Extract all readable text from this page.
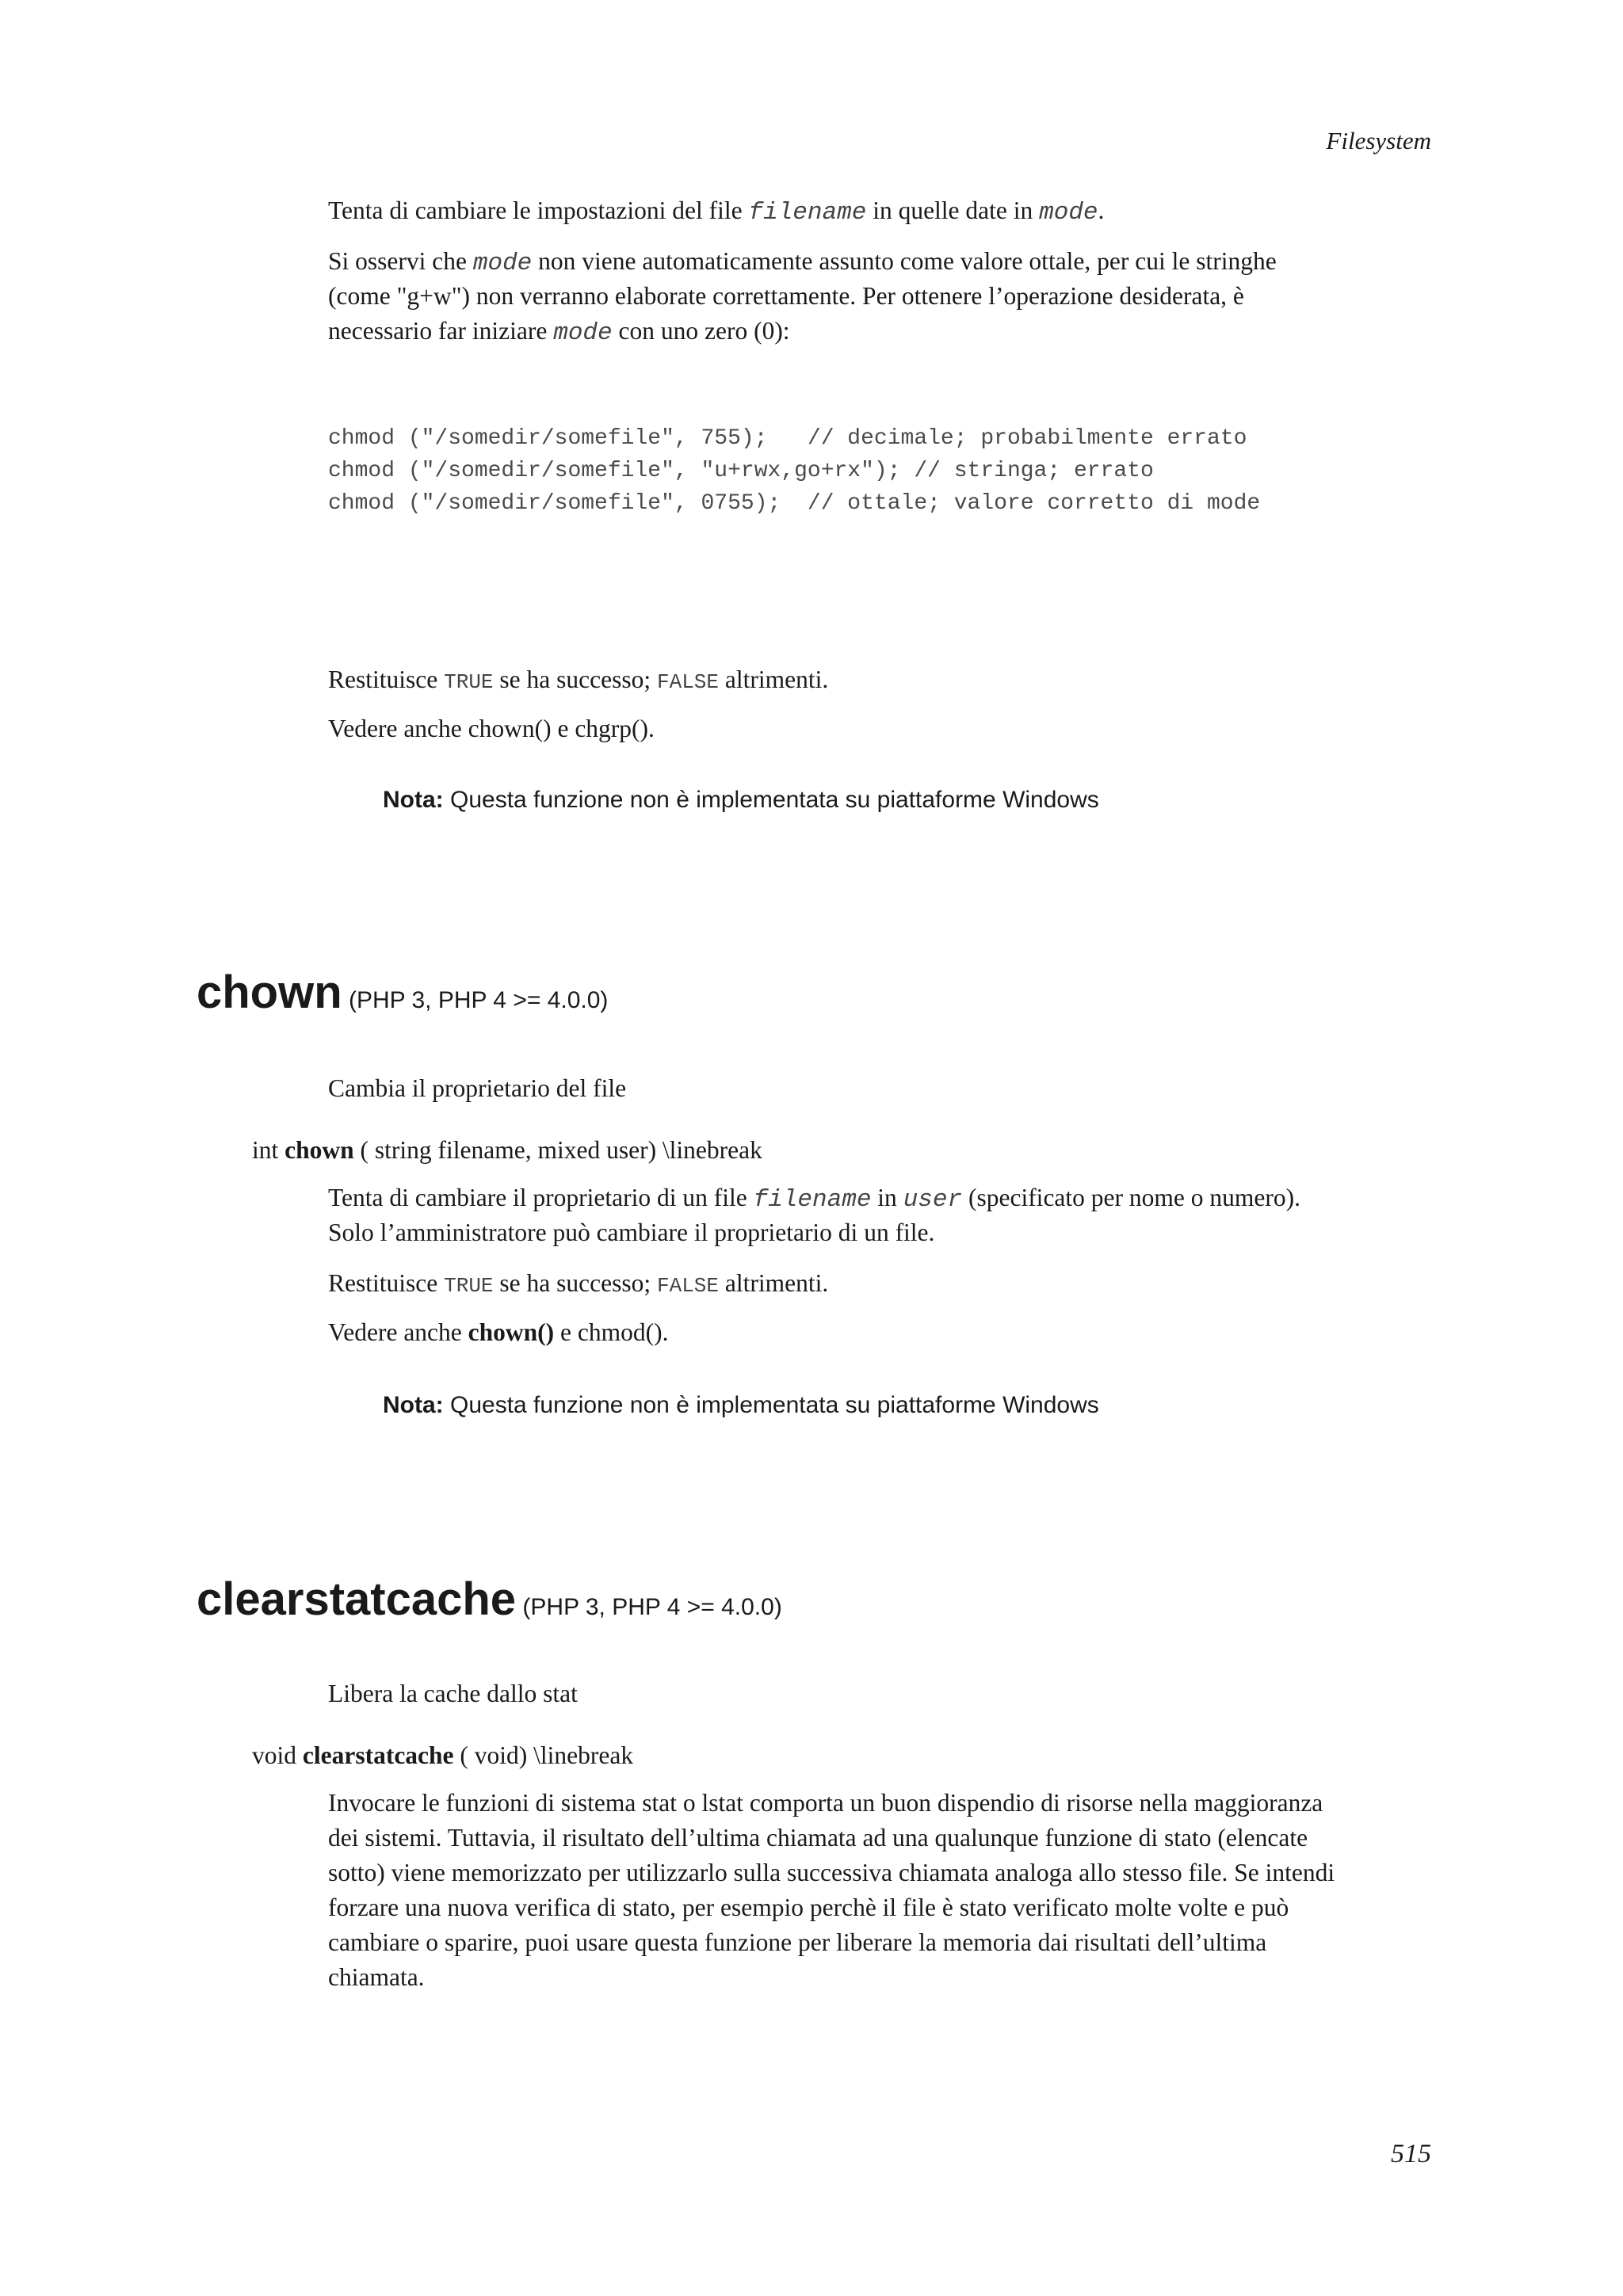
Filesystem
Tenta di cambiare le impostazioni del file filename in quelle date in mode.
Si osservi che mode non viene automaticamente assunto come valore ottale, per cui le stringhe
(come "g+w") non verranno elaborate correttamente. Per ottenere l’operazione desiderata, è
necessario far iniziare mode con uno zero (0):
chmod ("/somedir/somefile", 755);   // decimale; probabilmente errato
chmod ("/somedir/somefile", "u+rwx,go+rx"); // stringa; errato
chmod ("/somedir/somefile", 0755);  // ottale; valore corretto di mode
Restituisce TRUE se ha successo; FALSE altrimenti.
Vedere anche chown() e chgrp().
Nota: Questa funzione non è implementata su piattaforme Windows
chown (PHP 3, PHP 4 >= 4.0.0)
Cambia il proprietario del file
int chown ( string filename, mixed user) \linebreak
Tenta di cambiare il proprietario di un file filename in user (specificato per nome o numero).
Solo l’amministratore può cambiare il proprietario di un file.
Restituisce TRUE se ha successo; FALSE altrimenti.
Vedere anche chown() e chmod().
Nota: Questa funzione non è implementata su piattaforme Windows
clearstatcache (PHP 3, PHP 4 >= 4.0.0)
Libera la cache dallo stat
void clearstatcache ( void) \linebreak
Invocare le funzioni di sistema stat o lstat comporta un buon dispendio di risorse nella maggioranza
dei sistemi. Tuttavia, il risultato dell’ultima chiamata ad una qualunque funzione di stato (elencate
sotto) viene memorizzato per utilizzarlo sulla successiva chiamata analoga allo stesso file. Se intendi
forzare una nuova verifica di stato, per esempio perchè il file è stato verificato molte volte e può
cambiare o sparire, puoi usare questa funzione per liberare la memoria dai risultati dell’ultima
chiamata.
515
